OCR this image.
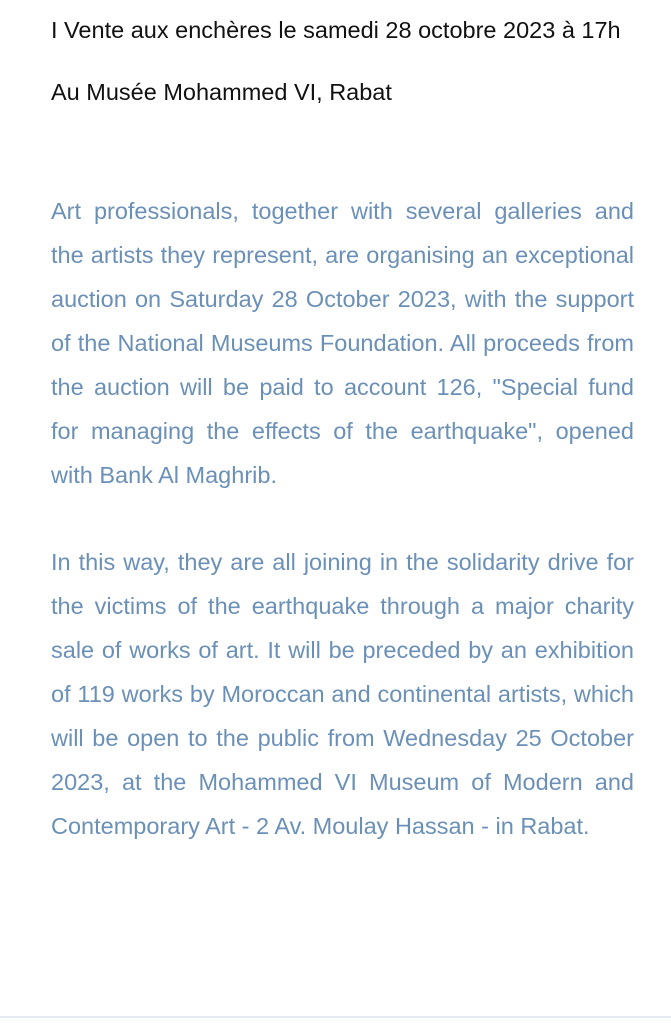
I Vente aux enchères le samedi 28 octobre 2023 à 17h

Au Musée Mohammed VI, Rabat

Art professionals, together with several galleries and the artists they represent, are organising an exceptional auction on Saturday 28 October 2023, with the support of the National Museums Foundation. All proceeds from the auction will be paid to account 126, "Special fund for managing the effects of the earthquake", opened with Bank Al Maghrib.

In this way, they are all joining in the solidarity drive for the victims of the earthquake through a major charity sale of works of art. It will be preceded by an exhibition of 119 works by Moroccan and continental artists, which will be open to the public from Wednesday 25 October 2023, at the Mohammed VI Museum of Modern and Contemporary Art - 2 Av. Moulay Hassan - in Rabat.
